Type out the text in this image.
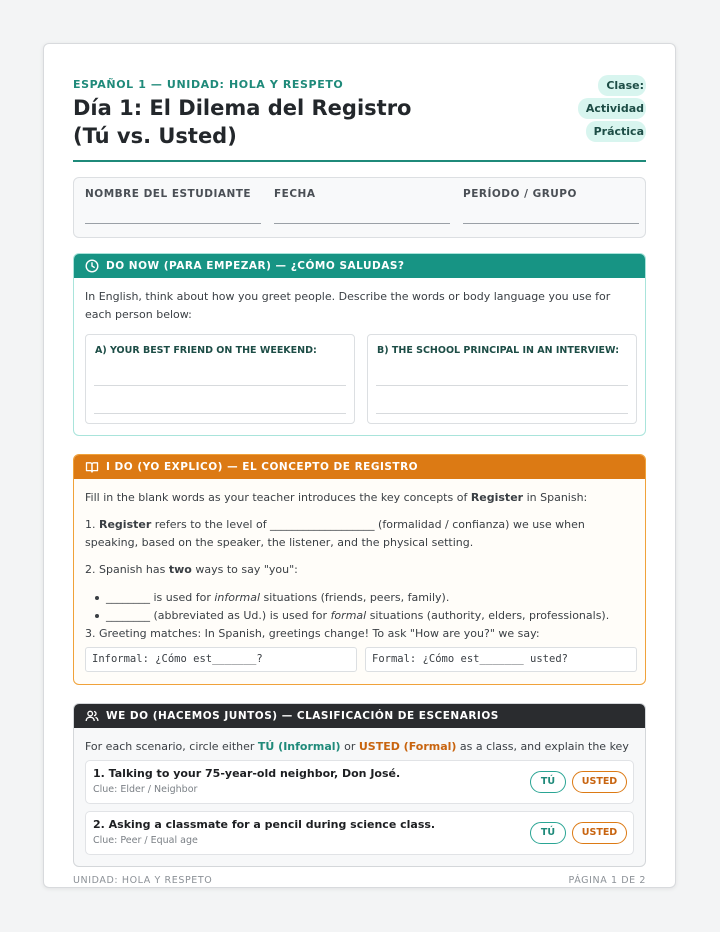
ESPAÑOL 1 — UNIDAD: HOLA Y RESPETO
Día 1: El Dilema del Registro (Tú vs. Usted)
Clase: Actividad Práctica
NOMBRE DEL ESTUDIANTE	FECHA	PERÍODO / GRUPO
DO NOW (PARA EMPEZAR) — ¿CÓMO SALUDAS?
In English, think about how you greet people. Describe the words or body language you use for each person below:
A) YOUR BEST FRIEND ON THE WEEKEND:	B) THE SCHOOL PRINCIPAL IN AN INTERVIEW:
I DO (YO EXPLICO) — EL CONCEPTO DE REGISTRO
Fill in the blank words as your teacher introduces the key concepts of Register in Spanish:
1. Register refers to the level of ___________________ (formalidad / confianza) we use when speaking, based on the speaker, the listener, and the physical setting.
2. Spanish has two ways to say "you":
________ is used for informal situations (friends, peers, family).
________ (abbreviated as Ud.) is used for formal situations (authority, elders, professionals).
3. Greeting matches: In Spanish, greetings change! To ask "How are you?" we say:
Informal: ¿Cómo est_______?	Formal: ¿Cómo est_______ usted?
WE DO (HACEMOS JUNTOS) — CLASIFICACIÓN DE ESCENARIOS
For each scenario, circle either TÚ (Informal) or USTED (Formal) as a class, and explain the key
1. Talking to your 75-year-old neighbor, Don José.
Clue: Elder / Neighbor
TÚ	USTED
2. Asking a classmate for a pencil during science class.
Clue: Peer / Equal age
TÚ	USTED
UNIDAD: HOLA Y RESPETO	PÁGINA 1 DE 2
